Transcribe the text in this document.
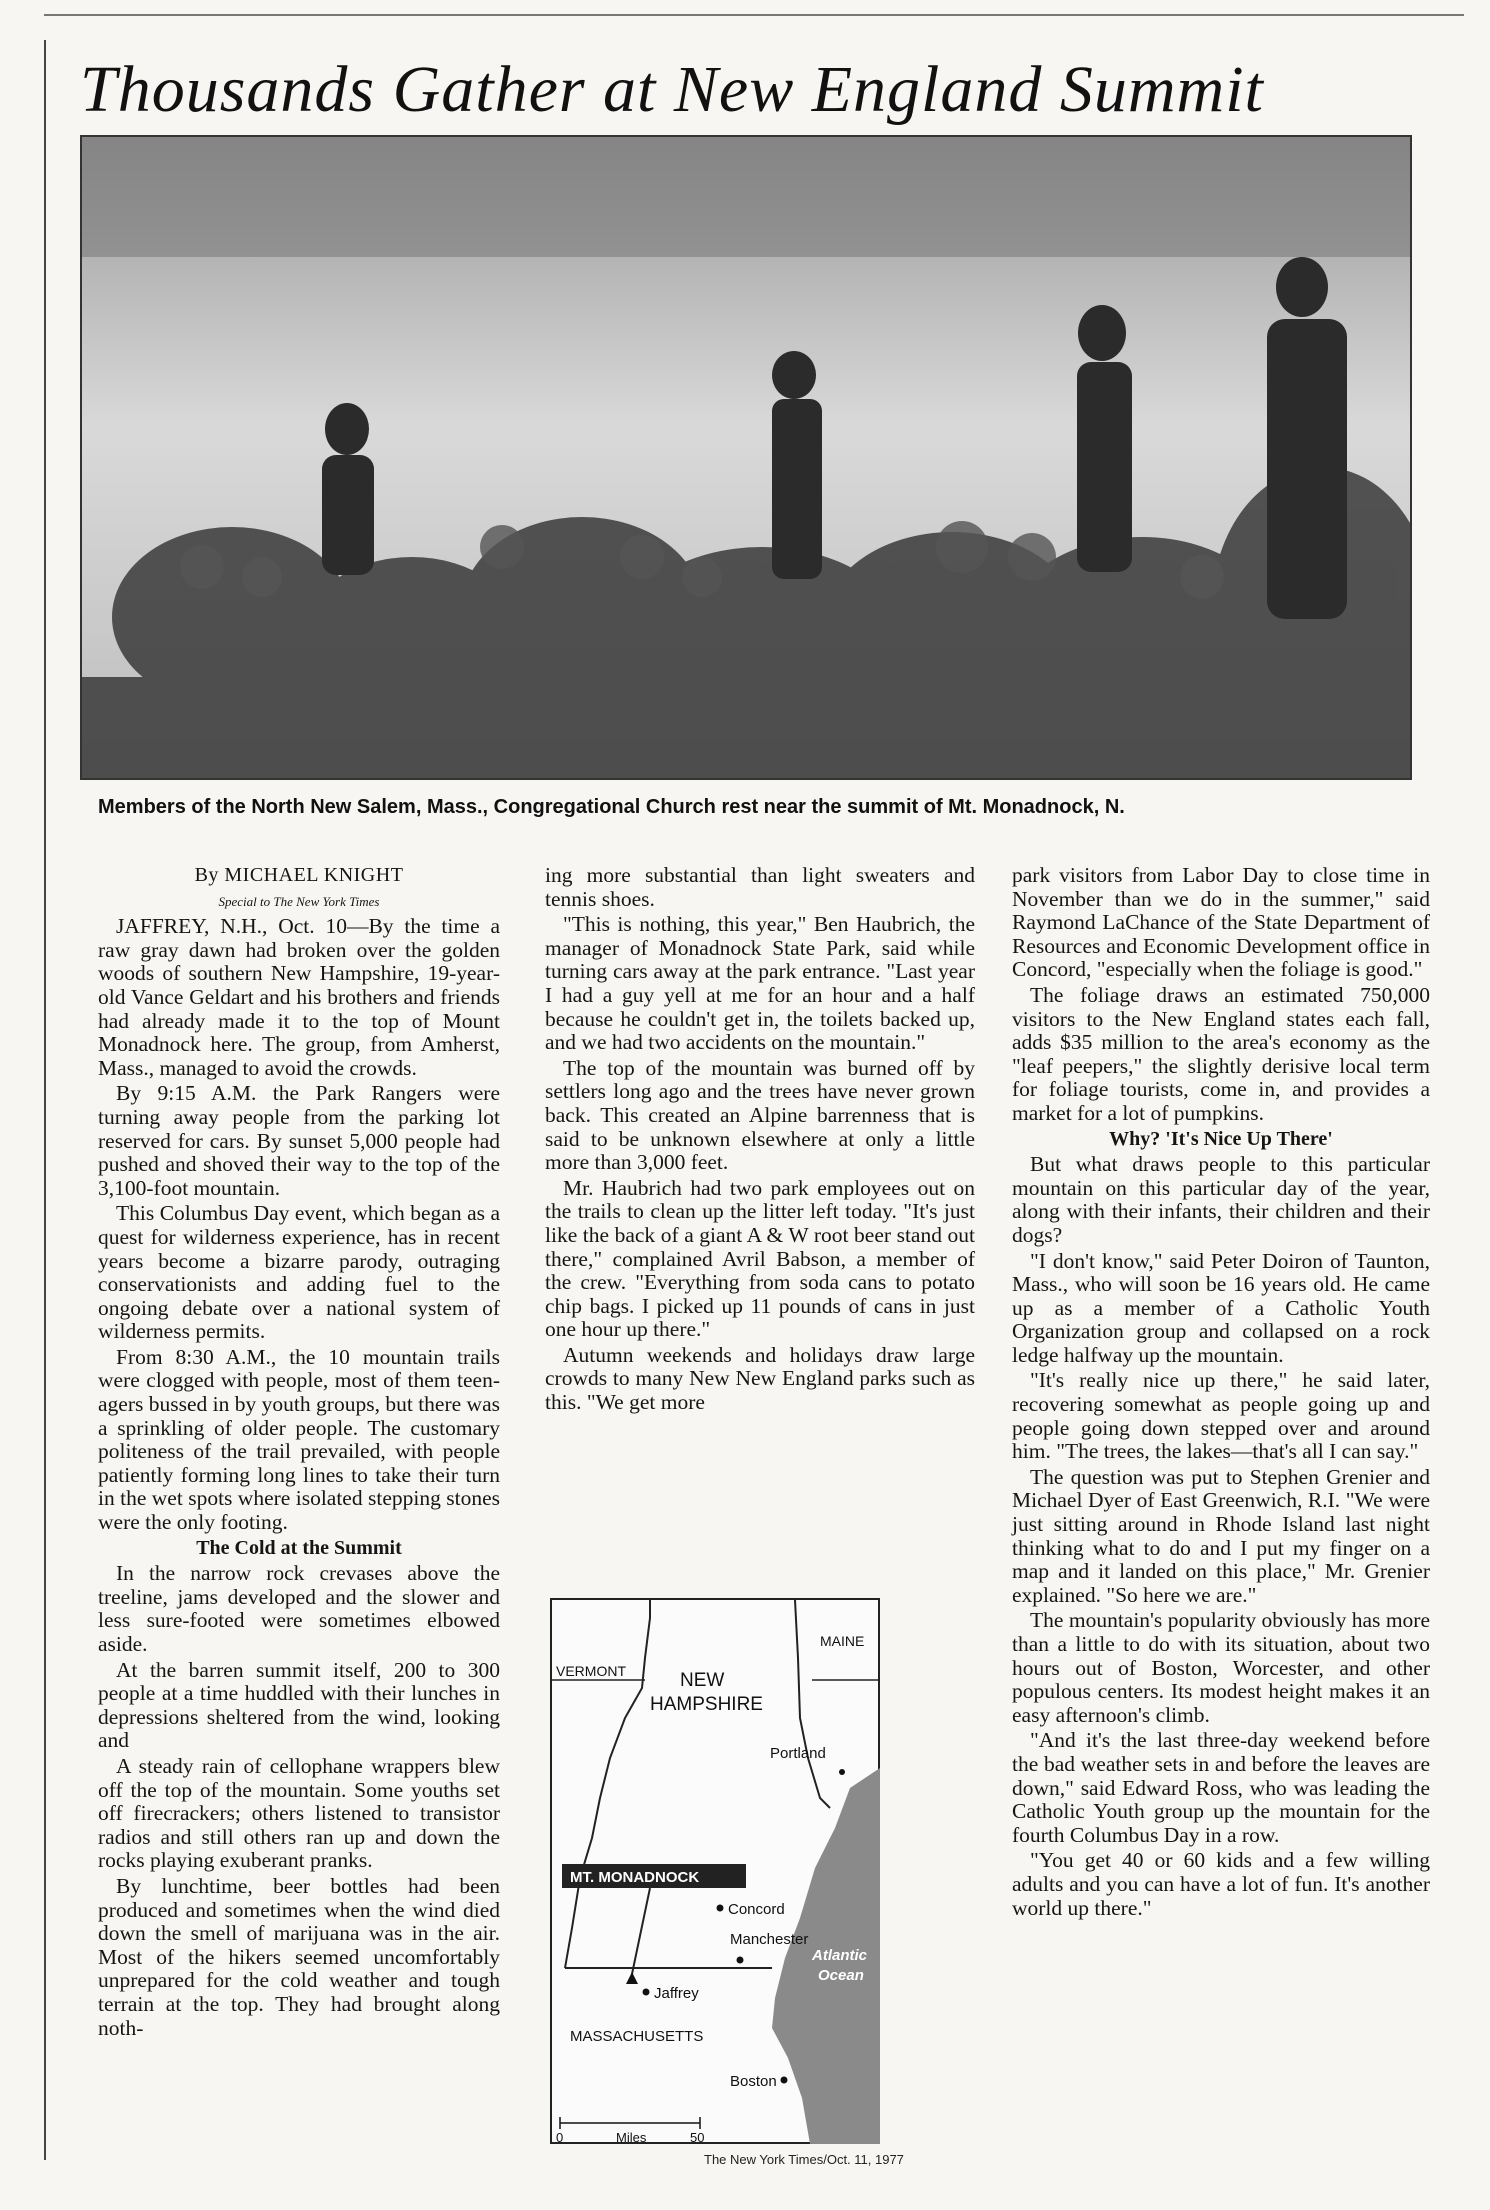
Thousands Gather at New England Summit
Members of the North New Salem, Mass., Congregational Church rest near the summit of Mt. Monadnock, N.

By MICHAEL KNIGHT

Special to The New York Times

JAFFREY, N.H., Oct. 10—By the time a raw gray dawn had broken over the golden woods of southern New Hampshire, 19-year-old Vance Geldart and his brothers and friends had already made it to the top of Mount Monadnock here. The group, from Amherst, Mass., managed to avoid the crowds.

By 9:15 A.M. the Park Rangers were turning away people from the parking lot reserved for cars. By sunset 5,000 people had pushed and shoved their way to the top of the 3,100-foot mountain.

This Columbus Day event, which began as a quest for wilderness experience, has in recent years become a bizarre parody, outraging conservationists and adding fuel to the ongoing debate over a national system of wilderness permits.

From 8:30 A.M., the 10 mountain trails were clogged with people, most of them teen-agers bussed in by youth groups, but there was a sprinkling of older people. The customary politeness of the trail prevailed, with people patiently forming long lines to take their turn in the wet spots where isolated stepping stones were the only footing.

The Cold at the Summit

In the narrow rock crevases above the treeline, jams developed and the slower and less sure-footed were sometimes elbowed aside.

At the barren summit itself, 200 to 300 people at a time huddled with their lunches in depressions sheltered from the wind, looking and

A steady rain of cellophane wrappers blew off the top of the mountain. Some youths set off firecrackers; others listened to transistor radios and still others ran up and down the rocks playing exuberant pranks.

By lunchtime, beer bottles had been produced and sometimes when the wind died down the smell of marijuana was in the air. Most of the hikers seemed uncomfortably unprepared for the cold weather and tough terrain at the top. They had brought along noth-

ing more substantial than light sweaters and tennis shoes.

"This is nothing, this year," Ben Haubrich, the manager of Monadnock State Park, said while turning cars away at the park entrance. "Last year I had a guy yell at me for an hour and a half because he couldn't get in, the toilets backed up, and we had two accidents on the mountain."

The top of the mountain was burned off by settlers long ago and the trees have never grown back. This created an Alpine barrenness that is said to be unknown elsewhere at only a little more than 3,000 feet.

Mr. Haubrich had two park employees out on the trails to clean up the litter left today. "It's just like the back of a giant A & W root beer stand out there," complained Avril Babson, a member of the crew. "Everything from soda cans to potato chip bags. I picked up 11 pounds of cans in just one hour up there."

Autumn weekends and holidays draw large crowds to many New New England parks such as this. "We get more

VERMONT
MAINE
NEW
HAMPSHIRE
Portland
MT. MONADNOCK
Concord
Manchester
Jaffrey
Atlantic
Ocean
MASSACHUSETTS
Boston
0	Miles	50
The New York Times/Oct. 11, 1977

park visitors from Labor Day to close time in November than we do in the summer," said Raymond LaChance of the State Department of Resources and Economic Development office in Concord, "especially when the foliage is good."

The foliage draws an estimated 750,000 visitors to the New England states each fall, adds $35 million to the area's economy as the "leaf peepers," the slightly derisive local term for foliage tourists, come in, and provides a market for a lot of pumpkins.

Why? 'It's Nice Up There'

But what draws people to this particular mountain on this particular day of the year, along with their infants, their children and their dogs?

"I don't know," said Peter Doiron of Taunton, Mass., who will soon be 16 years old. He came up as a member of a Catholic Youth Organization group and collapsed on a rock ledge halfway up the mountain.

"It's really nice up there," he said later, recovering somewhat as people going up and people going down stepped over and around him. "The trees, the lakes—that's all I can say."

The question was put to Stephen Grenier and Michael Dyer of East Greenwich, R.I. "We were just sitting around in Rhode Island last night thinking what to do and I put my finger on a map and it landed on this place," Mr. Grenier explained. "So here we are."

The mountain's popularity obviously has more than a little to do with its situation, about two hours out of Boston, Worcester, and other populous centers. Its modest height makes it an easy afternoon's climb.

"And it's the last three-day weekend before the bad weather sets in and before the leaves are down," said Edward Ross, who was leading the Catholic Youth group up the mountain for the fourth Columbus Day in a row.

"You get 40 or 60 kids and a few willing adults and you can have a lot of fun. It's another world up there."
